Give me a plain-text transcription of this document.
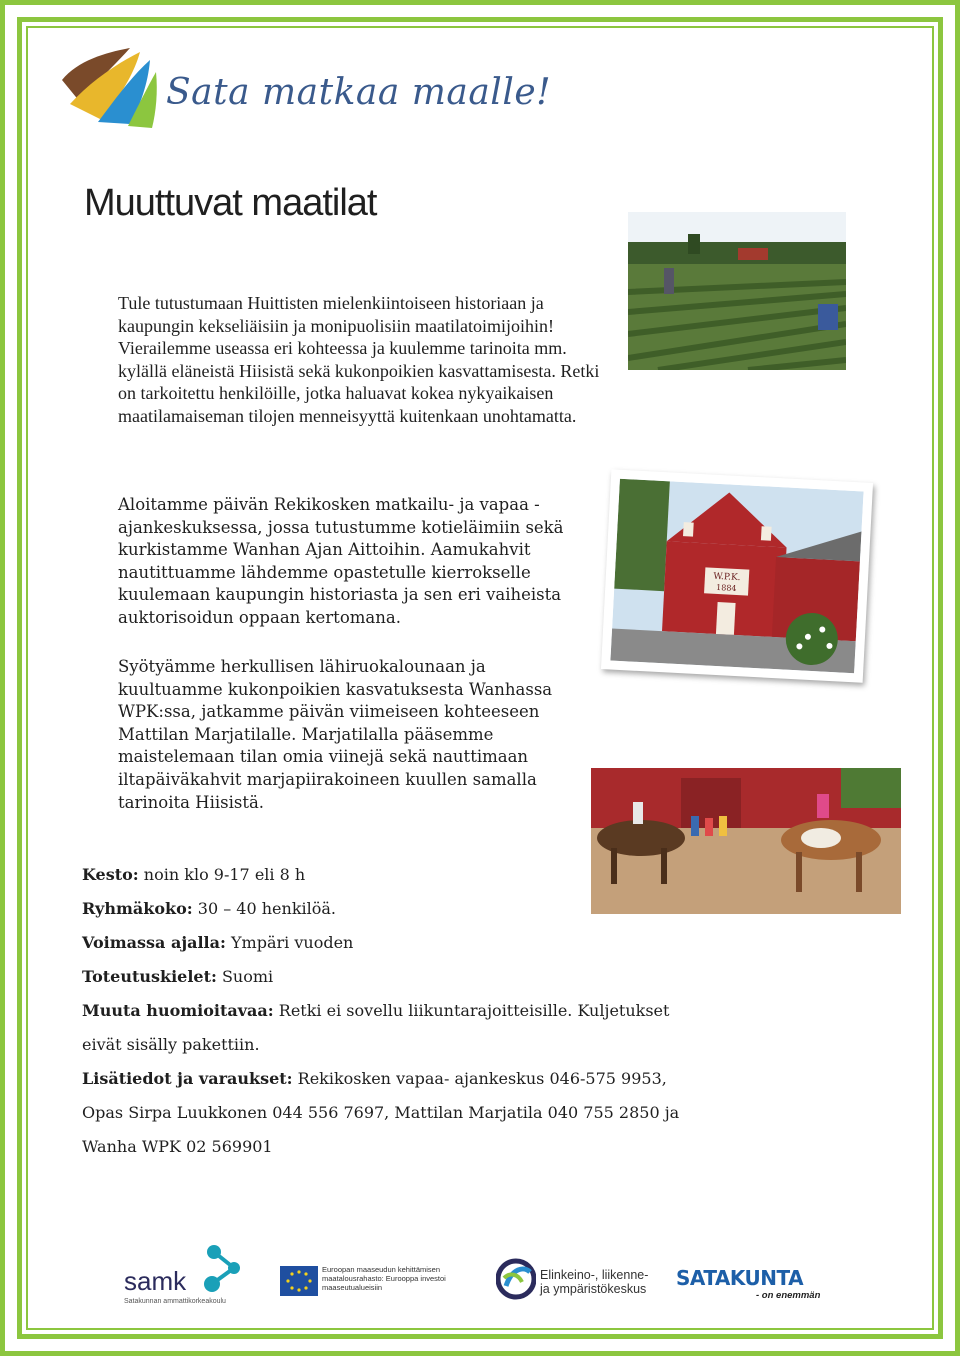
Sata matkaa maalle!
Muuttuvat maatilat

Tule tutustumaan Huittisten mielenkiintoiseen historiaan ja kaupungin kekseliäisiin ja monipuolisiin maatilatoimijoihin! Vierailemme useassa eri kohteessa ja kuulemme tarinoita mm. kylällä eläneistä Hiisistä sekä kukonpoikien kasvattamisesta. Retki on tarkoitettu henkilöille, jotka haluavat kokea nykyaikaisen maatilamaiseman tilojen menneisyyttä kuitenkaan unohtamatta.

Aloitamme päivän Rekikosken matkailu- ja vapaa - ajankeskuksessa, jossa tutustumme kotieläimiin sekä kurkistamme Wanhan Ajan Aittoihin. Aamukahvit nautittuamme lähdemme opastetulle kierrokselle kuulemaan kaupungin historiasta ja sen eri vaiheista auktorisoidun oppaan kertomana.

Syötyämme herkullisen lähiruokalounaan ja kuultuamme kukonpoikien kasvatuksesta Wanhassa WPK:ssa, jatkamme päivän viimeiseen kohteeseen Mattilan Marjatilalle. Marjatilalla pääsemme maistelemaan tilan omia viinejä sekä nauttimaan iltapäiväkahvit marjapiirakoineen kuullen samalla tarinoita Hiisistä.

W.P.K.
1884
Kesto: noin klo 9-17 eli 8 h
Ryhmäkoko: 30 – 40 henkilöä.
Voimassa ajalla: Ympäri vuoden
Toteutuskielet: Suomi
Muuta huomioitavaa: Retki ei sovellu liikuntarajoitteisille. Kuljetukset
eivät sisälly pakettiin.
Lisätiedot ja varaukset: Rekikosken vapaa- ajankeskus 046-575 9953,
Opas Sirpa Luukkonen 044 556 7697, Mattilan Marjatila 040 755 2850 ja
Wanha WPK 02 569901
samk
Satakunnan ammattikorkeakoulu
Euroopan maaseudun kehittämisen maatalousrahasto: Eurooppa investoi maaseutualueisiin
Elinkeino-, liikenne- ja ympäristökeskus SATAKUNTA
- on enemmän
